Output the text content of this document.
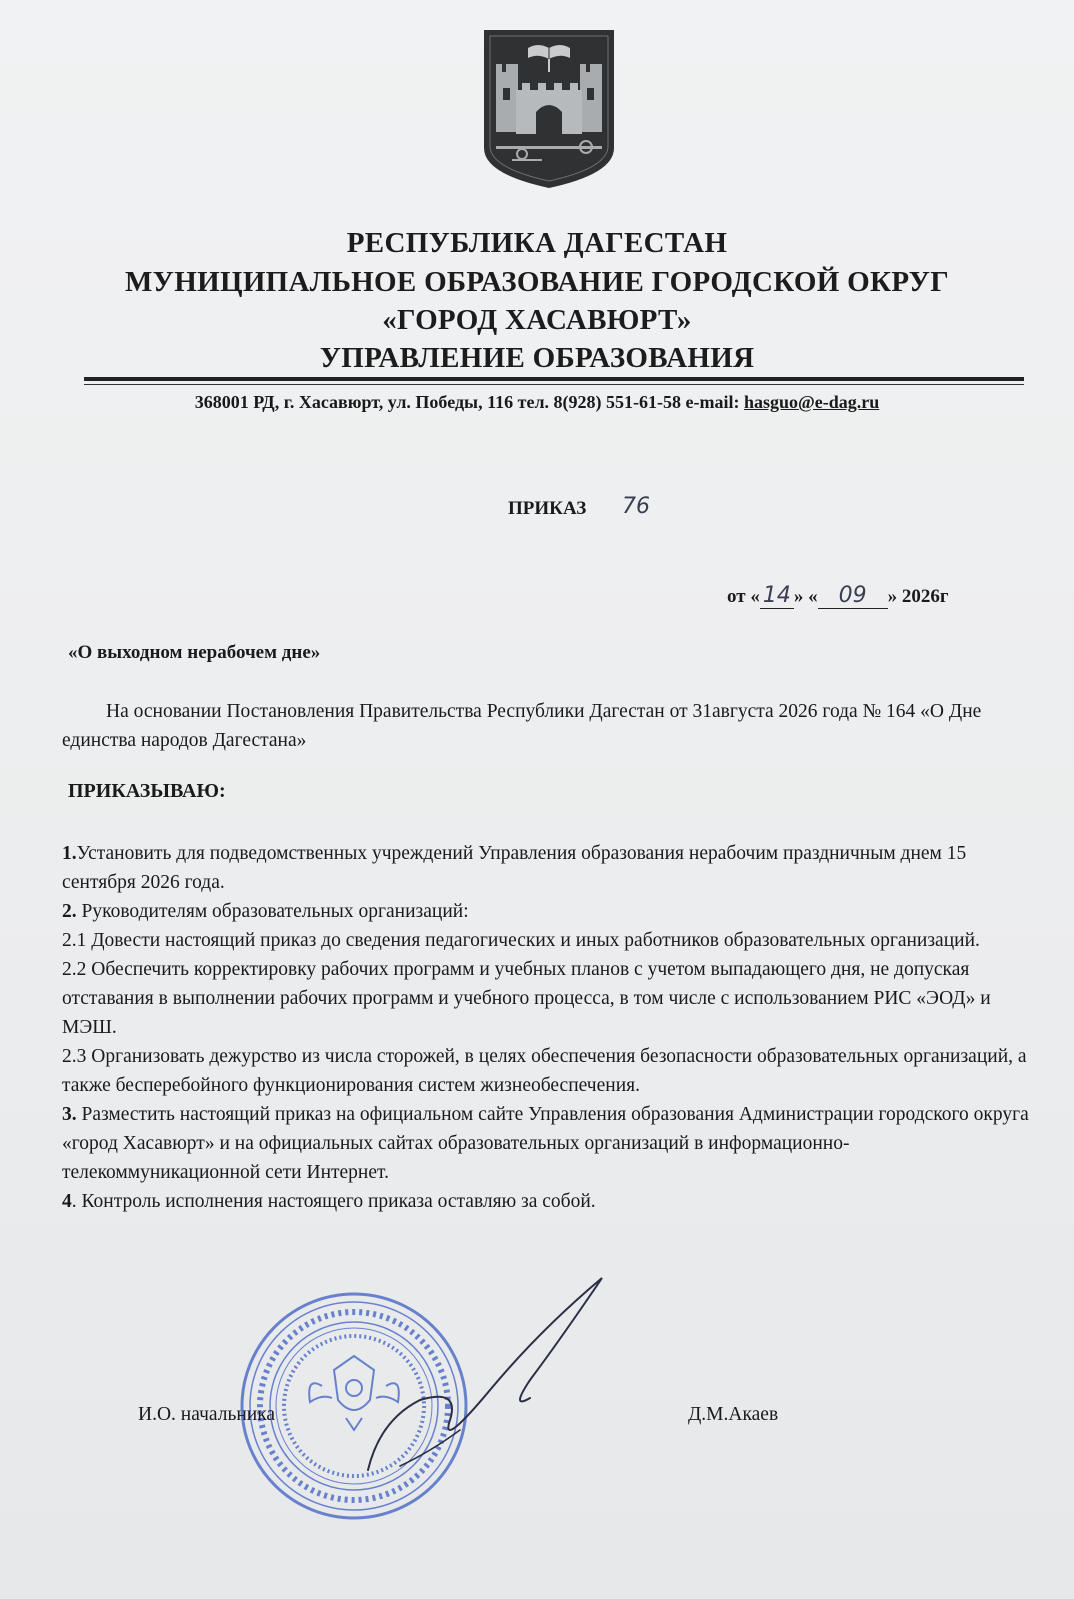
РЕСПУБЛИКА ДАГЕСТАН
МУНИЦИПАЛЬНОЕ ОБРАЗОВАНИЕ ГОРОДСКОЙ ОКРУГ
«ГОРОД ХАСАВЮРТ»
УПРАВЛЕНИЕ ОБРАЗОВАНИЯ
368001 РД, г. Хасавюрт, ул. Победы, 116 тел. 8(928) 551-61-58 e-mail: hasguo@e-dag.ru
ПРИКАЗ 76
от « 14 » « 09 » 2026г
«О выходном нерабочем дне»
На основании Постановления Правительства Республики Дагестан от 31августа 2026 года № 164 «О Дне единства народов Дагестана»
ПРИКАЗЫВАЮ:

1.Установить для подведомственных учреждений Управления образования нерабочим праздничным днем 15 сентября 2026 года.

2. Руководителям образовательных организаций:

2.1 Довести настоящий приказ до сведения педагогических и иных работников образовательных организаций.

2.2 Обеспечить корректировку рабочих программ и учебных планов с учетом выпадающего дня, не допуская отставания в выполнении рабочих программ и учебного процесса, в том числе с использованием РИС «ЭОД» и МЭШ.

2.3 Организовать дежурство из числа сторожей, в целях обеспечения безопасности образовательных организаций, а также бесперебойного функционирования систем жизнеобеспечения.

3. Разместить настоящий приказ на официальном сайте Управления образования Администрации городского округа «город Хасавюрт» и на официальных сайтах образовательных организаций в информационно-телекоммуникационной сети Интернет.

4. Контроль исполнения настоящего приказа оставляю за собой.

И.О. начальника	Д.М.Акаев
